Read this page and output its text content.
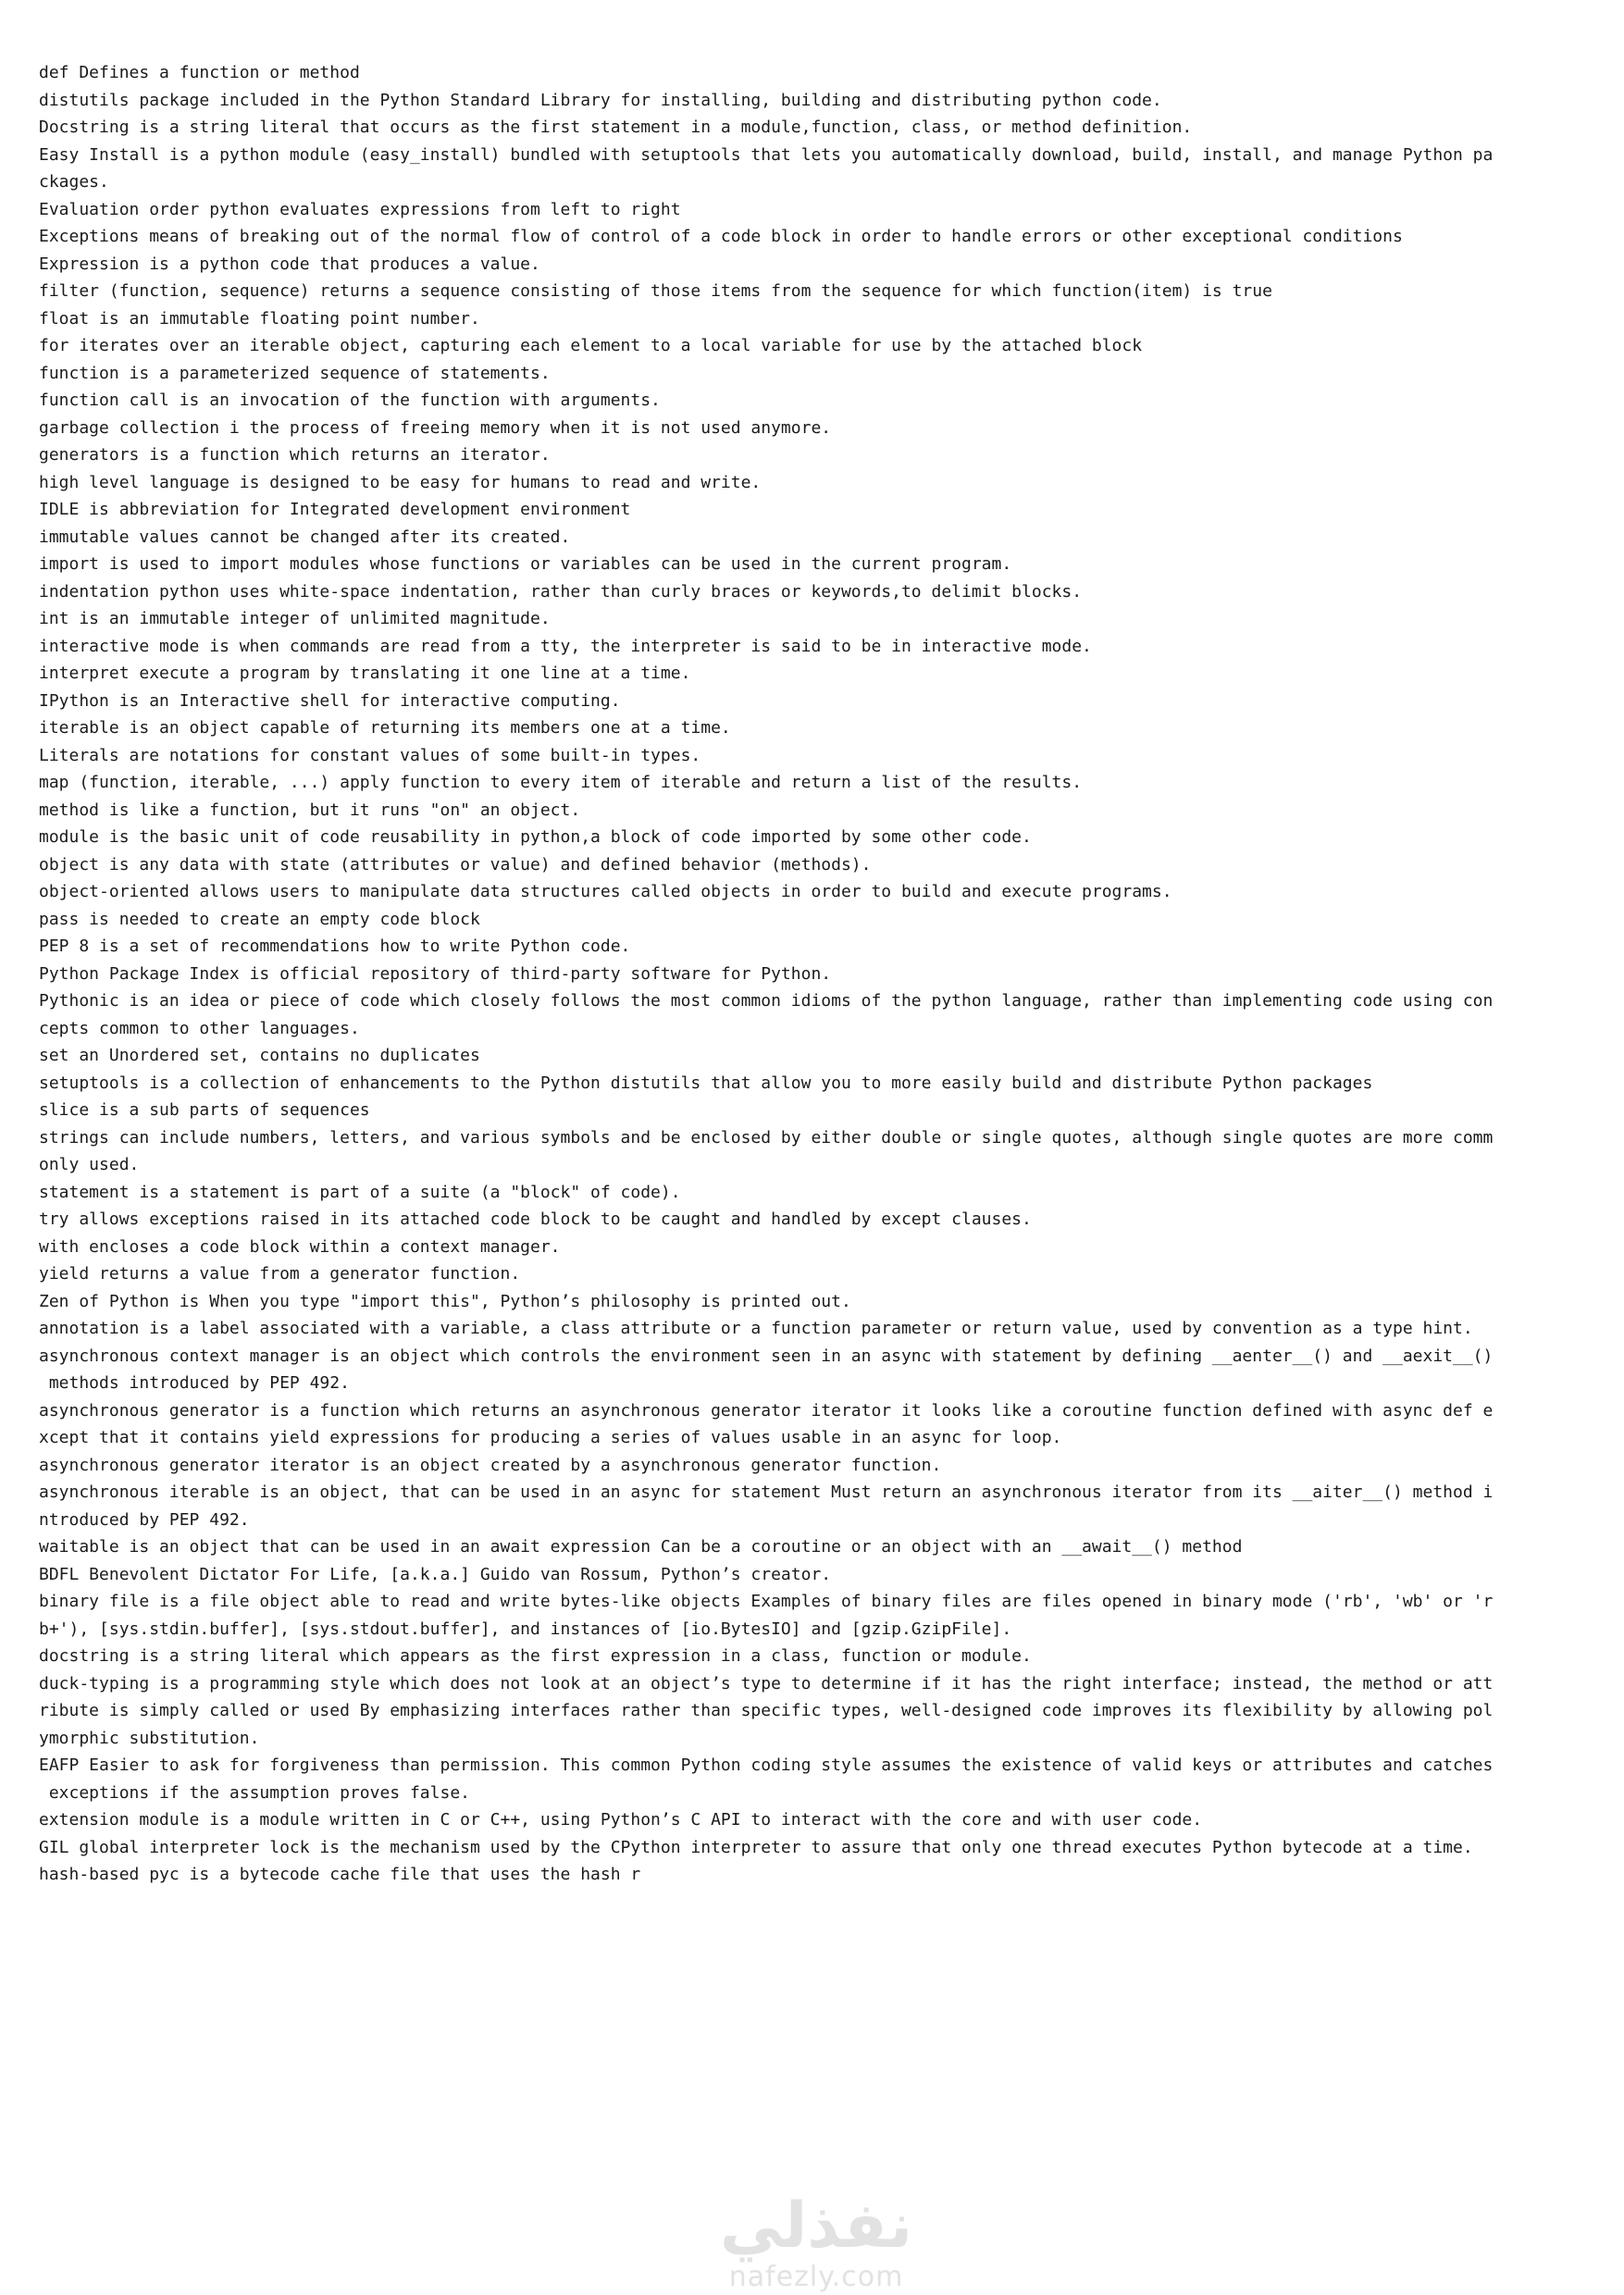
def Defines a function or method
distutils package included in the Python Standard Library for installing, building and distributing python code.
Docstring is a string literal that occurs as the first statement in a module,function, class, or method definition.
Easy Install is a python module (easy_install) bundled with setuptools that lets you automatically download, build, install, and manage Python pa
ckages.
Evaluation order python evaluates expressions from left to right
Exceptions means of breaking out of the normal flow of control of a code block in order to handle errors or other exceptional conditions
Expression is a python code that produces a value.
filter (function, sequence) returns a sequence consisting of those items from the sequence for which function(item) is true
float is an immutable floating point number.
for iterates over an iterable object, capturing each element to a local variable for use by the attached block
function is a parameterized sequence of statements.
function call is an invocation of the function with arguments.
garbage collection i the process of freeing memory when it is not used anymore.
generators is a function which returns an iterator.
high level language is designed to be easy for humans to read and write.
IDLE is abbreviation for Integrated development environment
immutable values cannot be changed after its created.
import is used to import modules whose functions or variables can be used in the current program.
indentation python uses white-space indentation, rather than curly braces or keywords,to delimit blocks.
int is an immutable integer of unlimited magnitude.
interactive mode is when commands are read from a tty, the interpreter is said to be in interactive mode.
interpret execute a program by translating it one line at a time.
IPython is an Interactive shell for interactive computing.
iterable is an object capable of returning its members one at a time.
Literals are notations for constant values of some built-in types.
map (function, iterable, ...) apply function to every item of iterable and return a list of the results.
method is like a function, but it runs "on" an object.
module is the basic unit of code reusability in python,a block of code imported by some other code.
object is any data with state (attributes or value) and defined behavior (methods).
object-oriented allows users to manipulate data structures called objects in order to build and execute programs.
pass is needed to create an empty code block
PEP 8 is a set of recommendations how to write Python code.
Python Package Index is official repository of third-party software for Python.
Pythonic is an idea or piece of code which closely follows the most common idioms of the python language, rather than implementing code using con
cepts common to other languages.
set an Unordered set, contains no duplicates
setuptools is a collection of enhancements to the Python distutils that allow you to more easily build and distribute Python packages
slice is a sub parts of sequences
strings can include numbers, letters, and various symbols and be enclosed by either double or single quotes, although single quotes are more comm
only used.
statement is a statement is part of a suite (a "block" of code).
try allows exceptions raised in its attached code block to be caught and handled by except clauses.
with encloses a code block within a context manager.
yield returns a value from a generator function.
Zen of Python is When you type "import this", Python’s philosophy is printed out.
annotation is a label associated with a variable, a class attribute or a function parameter or return value, used by convention as a type hint.
asynchronous context manager is an object which controls the environment seen in an async with statement by defining __aenter__() and __aexit__()
methods introduced by PEP 492.
asynchronous generator is a function which returns an asynchronous generator iterator it looks like a coroutine function defined with async def e
xcept that it contains yield expressions for producing a series of values usable in an async for loop.
asynchronous generator iterator is an object created by a asynchronous generator function.
asynchronous iterable is an object, that can be used in an async for statement Must return an asynchronous iterator from its __aiter__() method i
ntroduced by PEP 492.
waitable is an object that can be used in an await expression Can be a coroutine or an object with an __await__() method
BDFL Benevolent Dictator For Life, [a.k.a.] Guido van Rossum, Python’s creator.
binary file is a file object able to read and write bytes-like objects Examples of binary files are files opened in binary mode ('rb', 'wb' or 'r
b+'), [sys.stdin.buffer], [sys.stdout.buffer], and instances of [io.BytesIO] and [gzip.GzipFile].
docstring is a string literal which appears as the first expression in a class, function or module.
duck-typing is a programming style which does not look at an object’s type to determine if it has the right interface; instead, the method or att
ribute is simply called or used By emphasizing interfaces rather than specific types, well-designed code improves its flexibility by allowing pol
ymorphic substitution.
EAFP Easier to ask for forgiveness than permission. This common Python coding style assumes the existence of valid keys or attributes and catches
exceptions if the assumption proves false.
extension module is a module written in C or C++, using Python’s C API to interact with the core and with user code.
GIL global interpreter lock is the mechanism used by the CPython interpreter to assure that only one thread executes Python bytecode at a time.
hash-based pyc is a bytecode cache file that uses the hash r
نفذلي
nafezly.com
